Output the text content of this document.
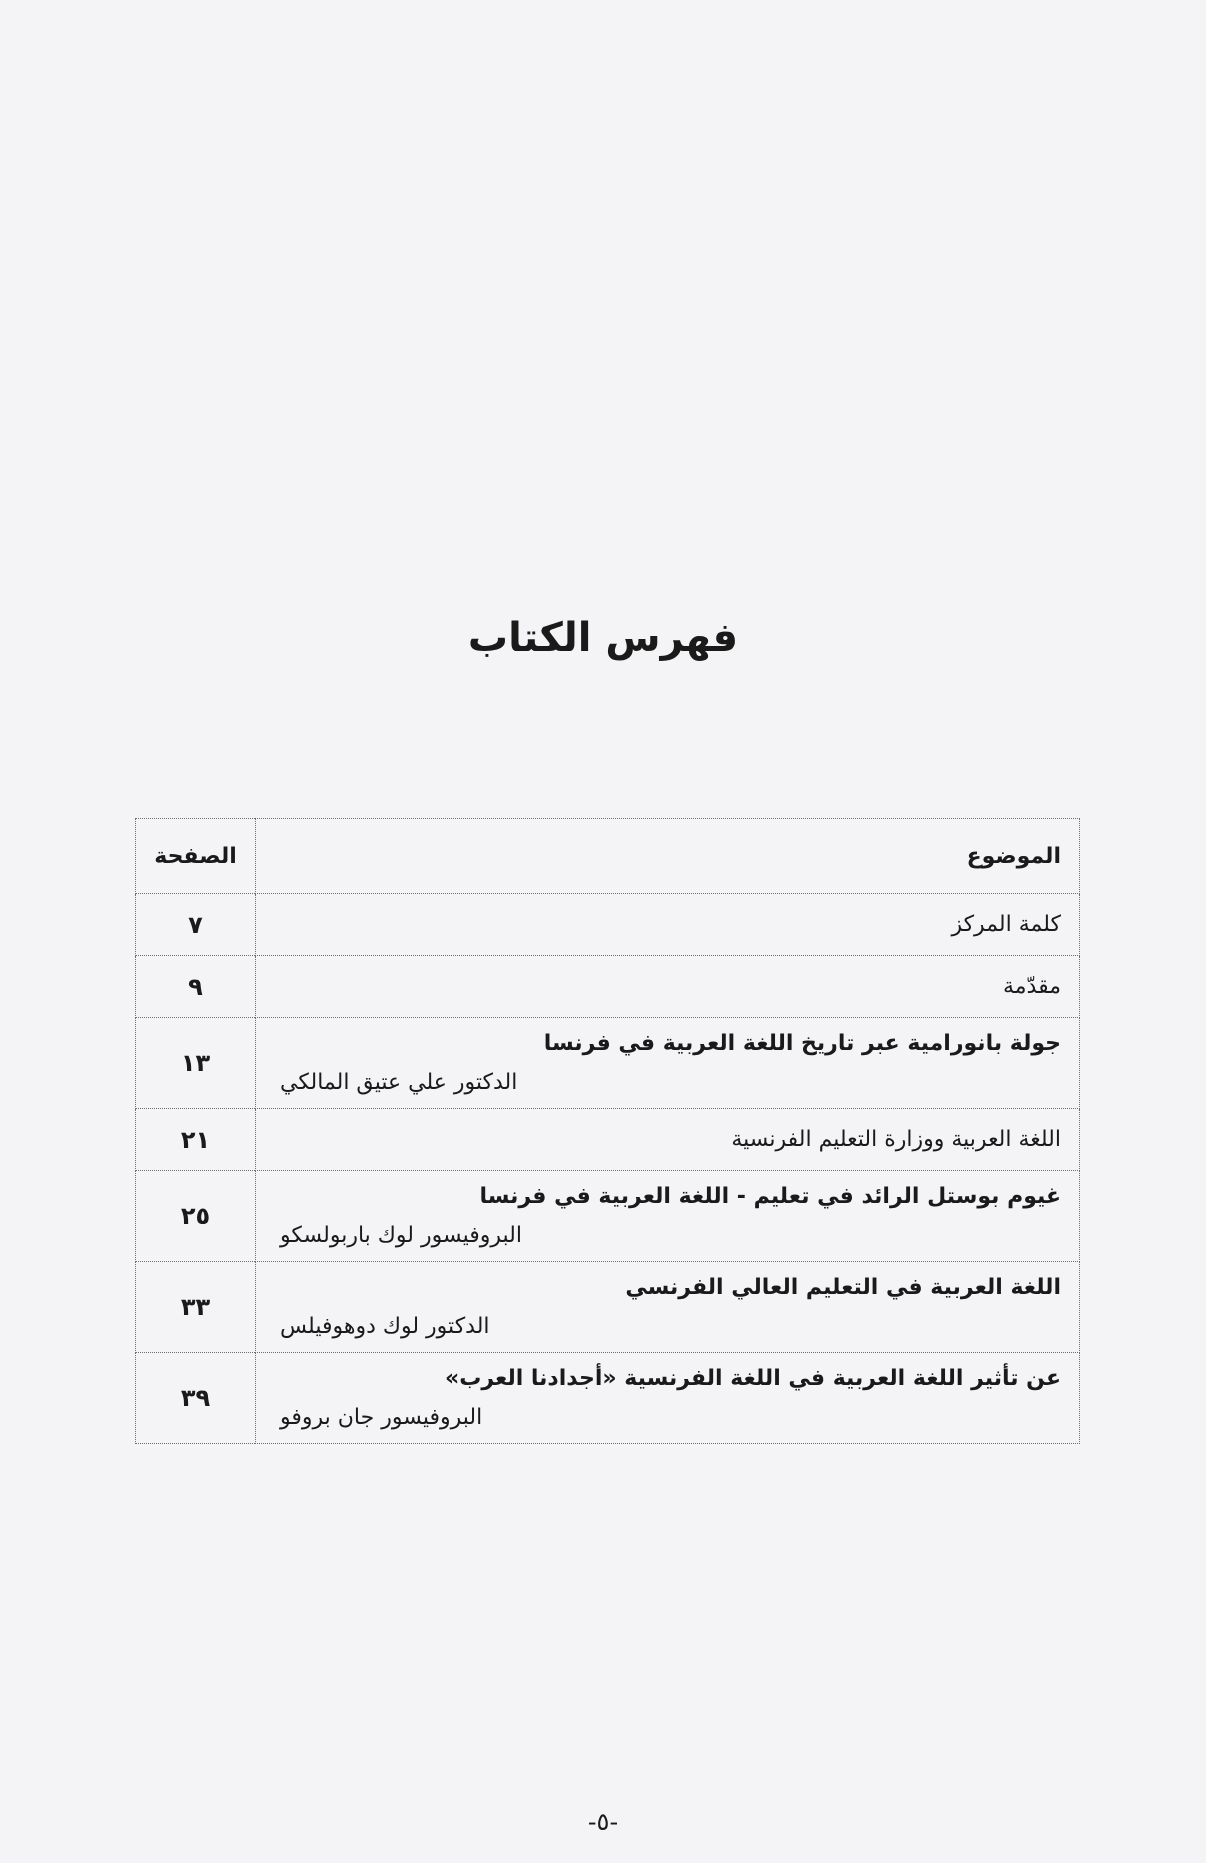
فهرس الكتاب
الموضوع	الصفحة
كلمة المركز	٧
مقدّمة	٩

جولة بانورامية عبر تاريخ اللغة العربية في فرنسا
الدكتور علي عتيق المالكي	١٣
اللغة العربية ووزارة التعليم الفرنسية	٢١

غيوم بوستل الرائد في تعليم - اللغة العربية في فرنسا
البروفيسور لوك باربولسكو	٢٥

اللغة العربية في التعليم العالي الفرنسي
الدكتور لوك دوهوفيلس	٣٣

عن تأثير اللغة العربية في اللغة الفرنسية «أجدادنا العرب»
البروفيسور جان بروفو	٣٩
-٥-
